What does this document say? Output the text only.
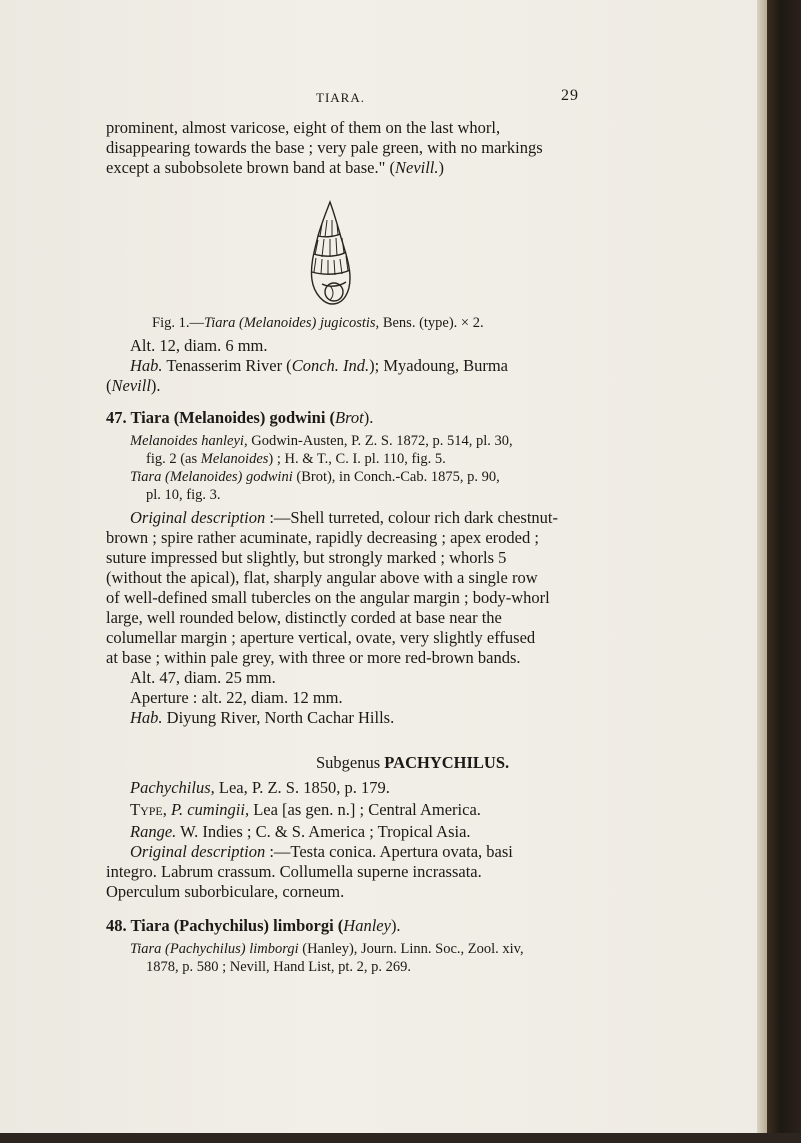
TIARA.	29
prominent, almost varicose, eight of them on the last whorl,
disappearing towards the base ; very pale green, with no markings
except a subobsolete brown band at base." (Nevill.)
Fig. 1.—Tiara (Melanoides) jugicostis, Bens. (type). × 2.
Alt. 12, diam. 6 mm.
Hab. Tenasserim River (Conch. Ind.); Myadoung, Burma
(Nevill).
47. Tiara (Melanoides) godwini (Brot).
Melanoides hanleyi, Godwin-Austen, P. Z. S. 1872, p. 514, pl. 30,
fig. 2 (as Melanoides) ; H. & T., C. I. pl. 110, fig. 5.
Tiara (Melanoides) godwini (Brot), in Conch.-Cab. 1875, p. 90,
pl. 10, fig. 3.
Original description :—Shell turreted, colour rich dark chestnut-
brown ; spire rather acuminate, rapidly decreasing ; apex eroded ;
suture impressed but slightly, but strongly marked ; whorls 5
(without the apical), flat, sharply angular above with a single row
of well-defined small tubercles on the angular margin ; body-whorl
large, well rounded below, distinctly corded at base near the
columellar margin ; aperture vertical, ovate, very slightly effused
at base ; within pale grey, with three or more red-brown bands.
Alt. 47, diam. 25 mm.
Aperture : alt. 22, diam. 12 mm.
Hab. Diyung River, North Cachar Hills.
Subgenus PACHYCHILUS.
Pachychilus, Lea, P. Z. S. 1850, p. 179.
Type, P. cumingii, Lea [as gen. n.] ; Central America.
Range. W. Indies ; C. & S. America ; Tropical Asia.
Original description :—Testa conica. Apertura ovata, basi
integro. Labrum crassum. Collumella superne incrassata.
Operculum suborbiculare, corneum.
48. Tiara (Pachychilus) limborgi (Hanley).
Tiara (Pachychilus) limborgi (Hanley), Journ. Linn. Soc., Zool. xiv,
1878, p. 580 ; Nevill, Hand List, pt. 2, p. 269.
